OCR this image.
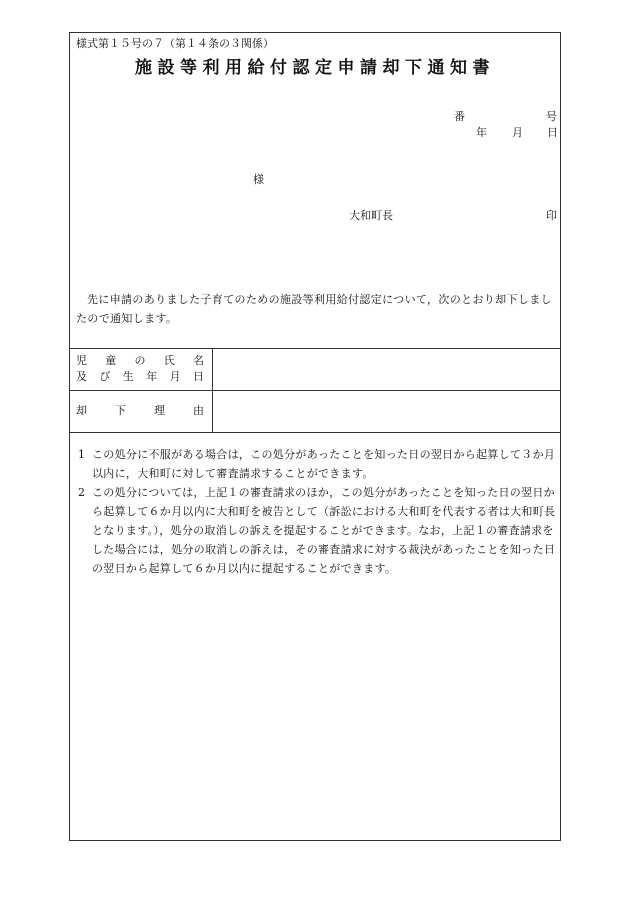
様式第１５号の７（第１４条の３関係）
施設等利用給付認定申請却下通知書
番	号
年 月 日
様
大和町長	印

先に申請のありました子育てのための施設等利用給付認定について，次のとおり却下しましたので通知します。

児童の氏名
及び生年月日
却下理由

1 この処分に不服がある場合は，この処分があったことを知った日の翌日から起算して３か月以内に，大和町に対して審査請求することができます。

2 この処分については，上記１の審査請求のほか，この処分があったことを知った日の翌日から起算して６か月以内に大和町を被告として（訴訟における大和町を代表する者は大和町長となります。），処分の取消しの訴えを提起することができます。なお，上記１の審査請求をした場合には，処分の取消しの訴えは，その審査請求に対する裁決があったことを知った日の翌日から起算して６か月以内に提起することができます。
